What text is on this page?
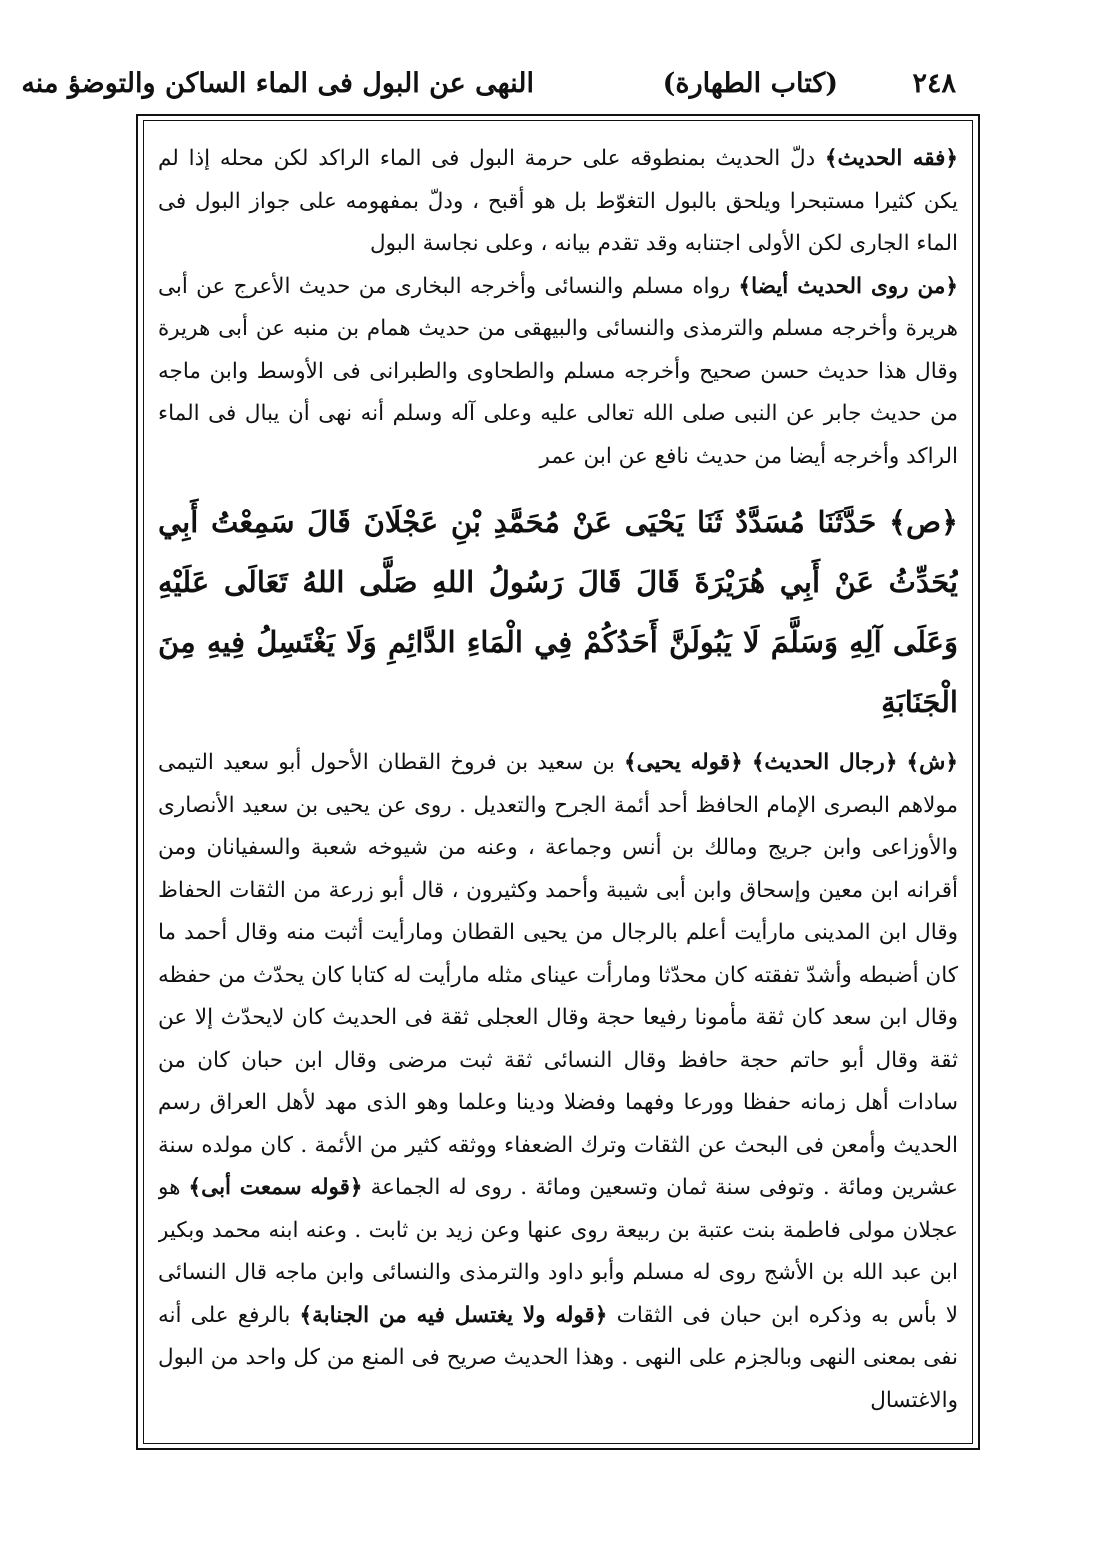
٢٤٨
(كتاب الطهارة)
النهى عن البول فى الماء الساكن والتوضؤ منه

﴿فقه الحديث﴾ دلّ الحديث بمنطوقه على حرمة البول فى الماء الراكد لكن محله إذا لم يكن كثيرا مستبحرا ويلحق بالبول التغوّط بل هو أقبح ، ودلّ بمفهومه على جواز البول فى الماء الجارى لكن الأولى اجتنابه وقد تقدم بيانه ، وعلى نجاسة البول

﴿من روى الحديث أيضا﴾ رواه مسلم والنسائى وأخرجه البخارى من حديث الأعرج عن أبى هريرة وأخرجه مسلم والترمذى والنسائى والبيهقى من حديث همام بن منبه عن أبى هريرة وقال هذا حديث حسن صحيح وأخرجه مسلم والطحاوى والطبرانى فى الأوسط وابن ماجه من حديث جابر عن النبى صلى الله تعالى عليه وعلى آله وسلم أنه نهى أن يبال فى الماء الراكد وأخرجه أيضا من حديث نافع عن ابن عمر

﴿ص﴾ حَدَّثَنَا مُسَدَّدٌ ثَنَا يَحْيَى عَنْ مُحَمَّدِ بْنِ عَجْلَانَ قَالَ سَمِعْتُ أَبِي يُحَدِّثُ عَنْ أَبِي هُرَيْرَةَ قَالَ قَالَ رَسُولُ اللهِ صَلَّى اللهُ تَعَالَى عَلَيْهِ وَعَلَى آلِهِ وَسَلَّمَ لَا يَبُولَنَّ أَحَدُكُمْ فِي الْمَاءِ الدَّائِمِ وَلَا يَغْتَسِلُ فِيهِ مِنَ الْجَنَابَةِ

﴿ش﴾ ﴿رجال الحديث﴾ ﴿قوله يحيى﴾ بن سعيد بن فروخ القطان الأحول أبو سعيد التيمى مولاهم البصرى الإمام الحافظ أحد أئمة الجرح والتعديل . روى عن يحيى بن سعيد الأنصارى والأوزاعى وابن جريج ومالك بن أنس وجماعة ، وعنه من شيوخه شعبة والسفيانان ومن أقرانه ابن معين وإسحاق وابن أبى شيبة وأحمد وكثيرون ، قال أبو زرعة من الثقات الحفاظ وقال ابن المدينى مارأيت أعلم بالرجال من يحيى القطان ومارأيت أثبت منه وقال أحمد ما كان أضبطه وأشدّ تفقته كان محدّثا ومارأت عيناى مثله مارأيت له كتابا كان يحدّث من حفظه وقال ابن سعد كان ثقة مأمونا رفيعا حجة وقال العجلى ثقة فى الحديث كان لايحدّث إلا عن ثقة وقال أبو حاتم حجة حافظ وقال النسائى ثقة ثبت مرضى وقال ابن حبان كان من سادات أهل زمانه حفظا وورعا وفهما وفضلا ودينا وعلما وهو الذى مهد لأهل العراق رسم الحديث وأمعن فى البحث عن الثقات وترك الضعفاء ووثقه كثير من الأئمة . كان مولده سنة عشرين ومائة . وتوفى سنة ثمان وتسعين ومائة . روى له الجماعة ﴿قوله سمعت أبى﴾ هو عجلان مولى فاطمة بنت عتبة بن ربيعة روى عنها وعن زيد بن ثابت . وعنه ابنه محمد وبكير ابن عبد الله بن الأشج روى له مسلم وأبو داود والترمذى والنسائى وابن ماجه قال النسائى لا بأس به وذكره ابن حبان فى الثقات ﴿قوله ولا يغتسل فيه من الجنابة﴾ بالرفع على أنه نفى بمعنى النهى وبالجزم على النهى . وهذا الحديث صريح فى المنع من كل واحد من البول والاغتسال
